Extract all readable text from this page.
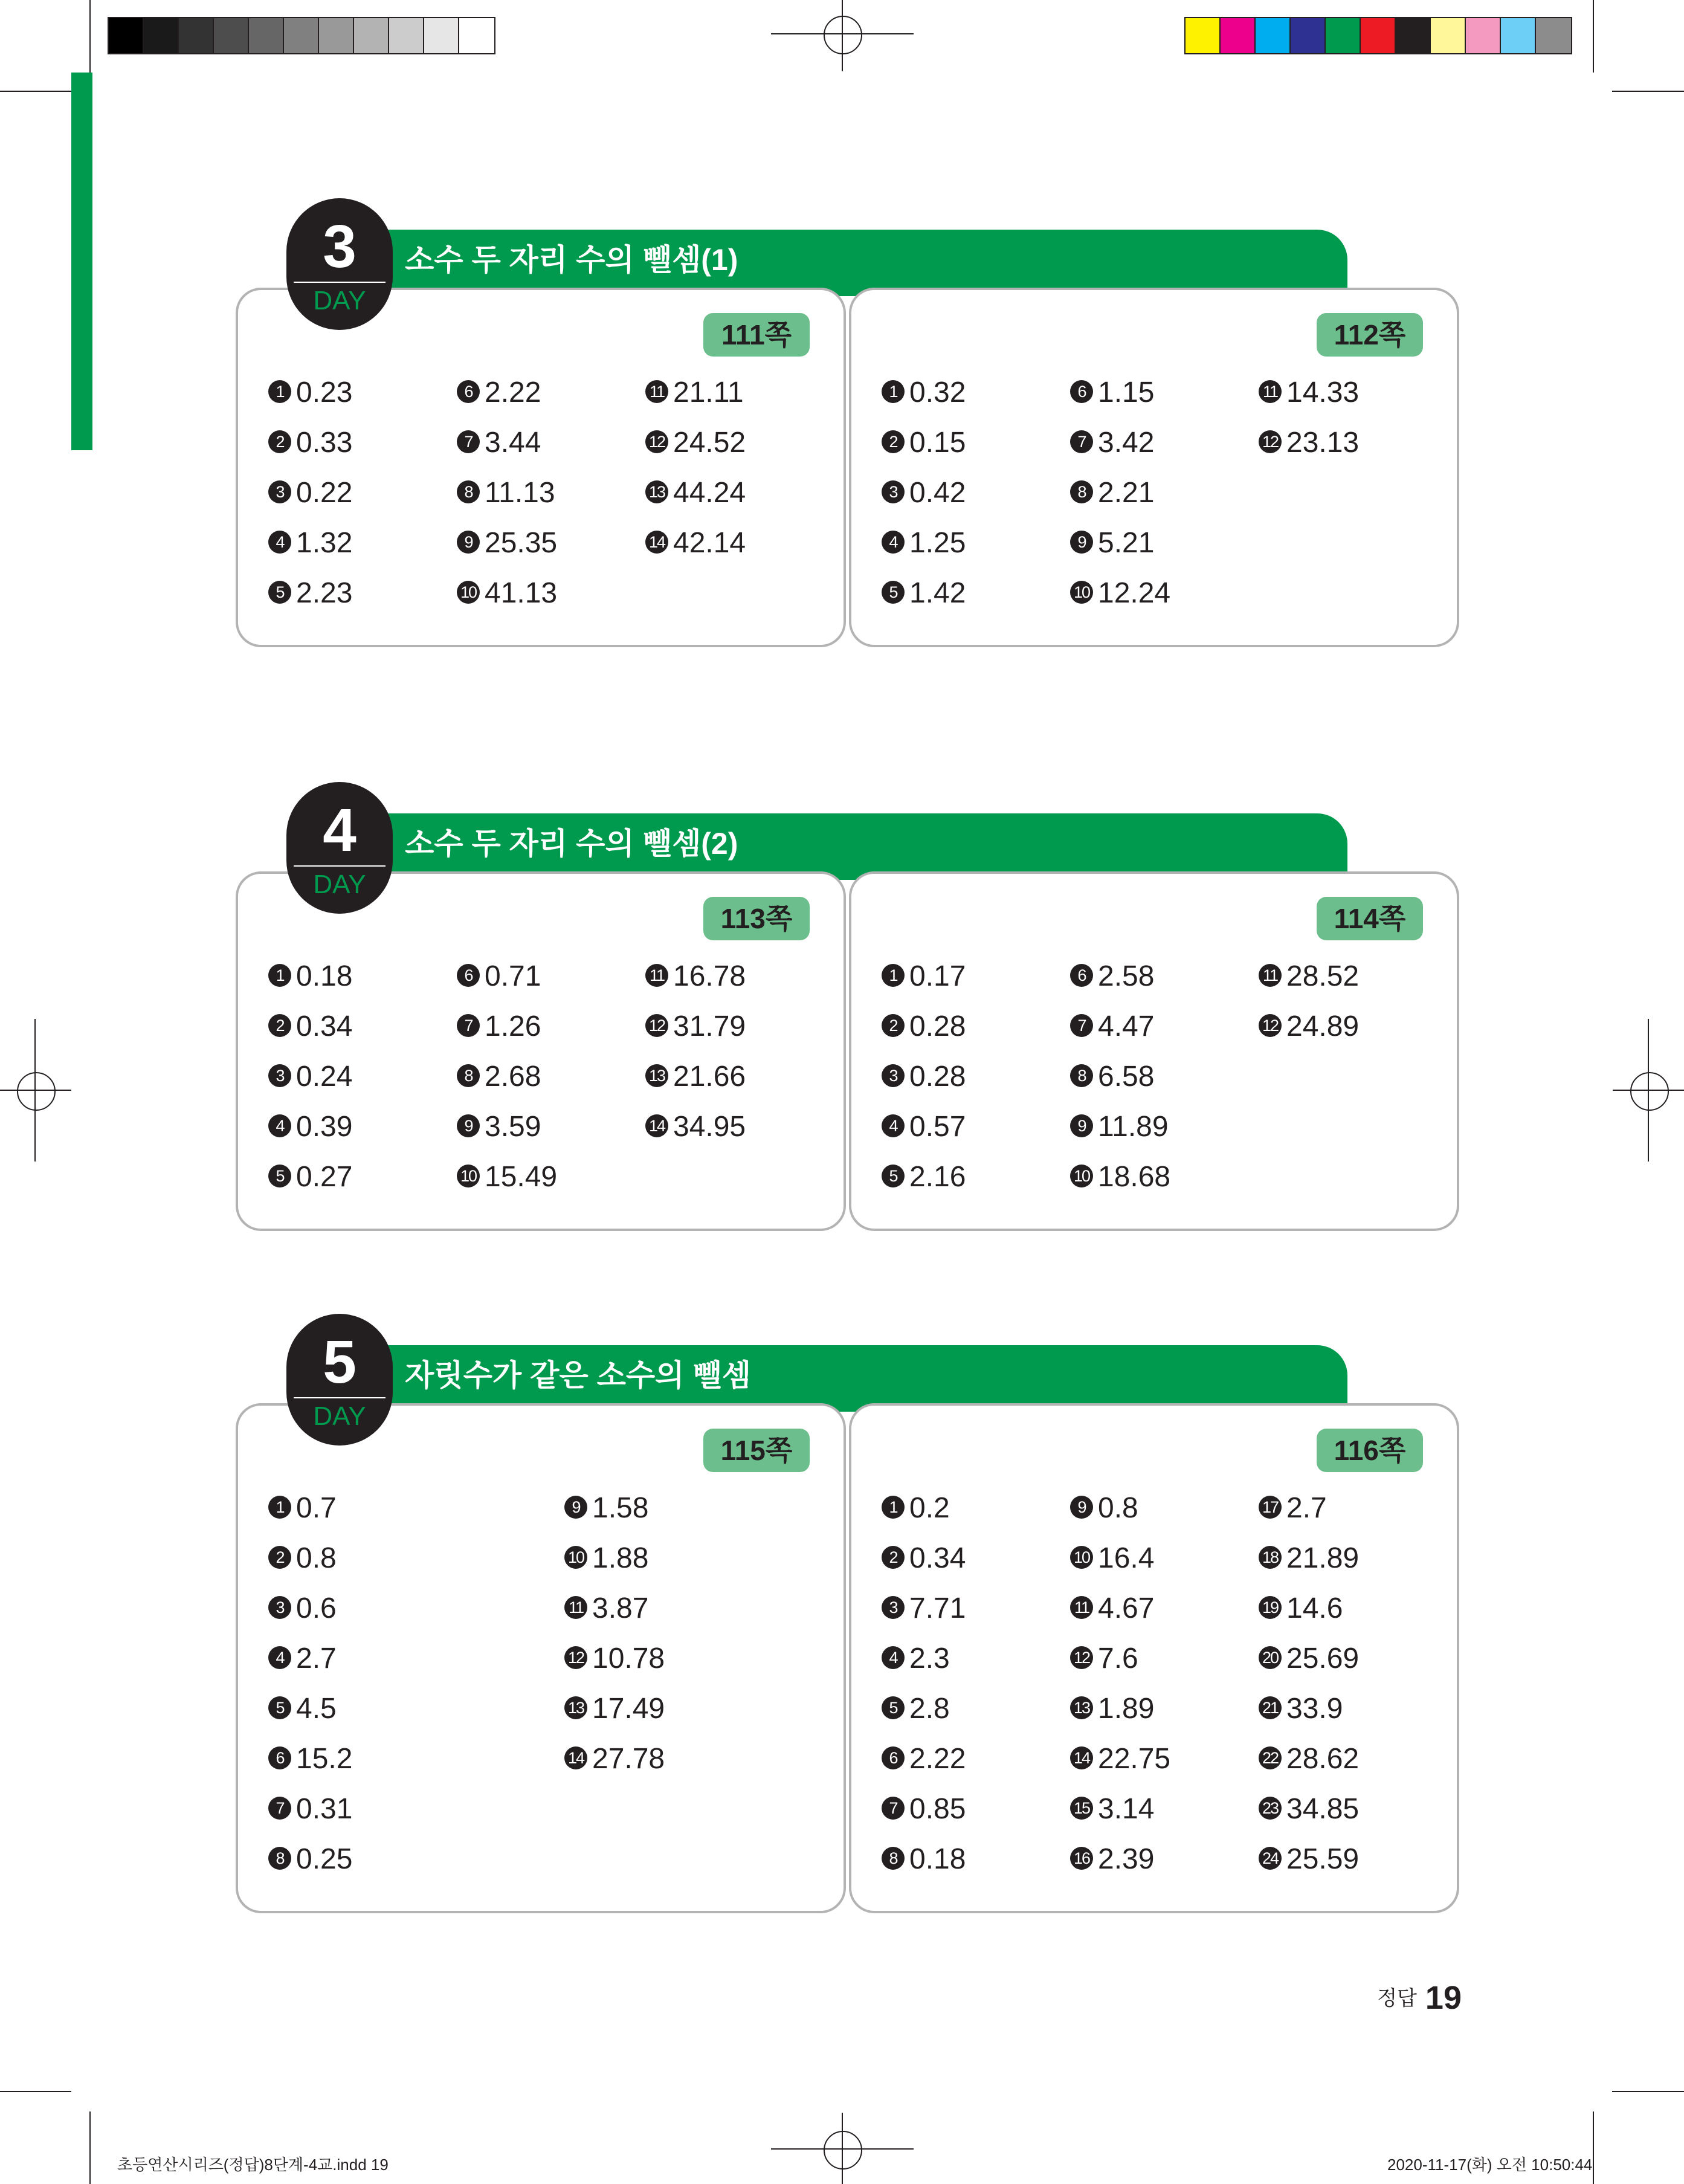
소수 두 자리 수의 뺄셈(1)
111쪽
1 0.23
2 0.33
3 0.22
4 1.32
5 2.23
6 2.22
7 3.44
8 11.13
9 25.35
10 41.13
11 21.11
12 24.52
13 44.24
14 42.14
112쪽
1 0.32
2 0.15
3 0.42
4 1.25
5 1.42
6 1.15
7 3.42
8 2.21
9 5.21
10 12.24
11 14.33
12 23.13
3
DAY
소수 두 자리 수의 뺄셈(2)
113쪽
1 0.18
2 0.34
3 0.24
4 0.39
5 0.27
6 0.71
7 1.26
8 2.68
9 3.59
10 15.49
11 16.78
12 31.79
13 21.66
14 34.95
114쪽
1 0.17
2 0.28
3 0.28
4 0.57
5 2.16
6 2.58
7 4.47
8 6.58
9 11.89
10 18.68
11 28.52
12 24.89
4
DAY
자릿수가 같은 소수의 뺄셈
115쪽
1 0.7
2 0.8
3 0.6
4 2.7
5 4.5
6 15.2
7 0.31
8 0.25
9 1.58
10 1.88
11 3.87
12 10.78
13 17.49
14 27.78
116쪽
1 0.2
2 0.34
3 7.71
4 2.3
5 2.8
6 2.22
7 0.85
8 0.18
9 0.8
10 16.4
11 4.67
12 7.6
13 1.89
14 22.75
15 3.14
16 2.39
17 2.7
18 21.89
19 14.6
20 25.69
21 33.9
22 28.62
23 34.85
24 25.59
5
DAY
정답 19
초등연산시리즈(정답)8단계-4교.indd 19	2020-11-17(화) 오전 10:50:44
